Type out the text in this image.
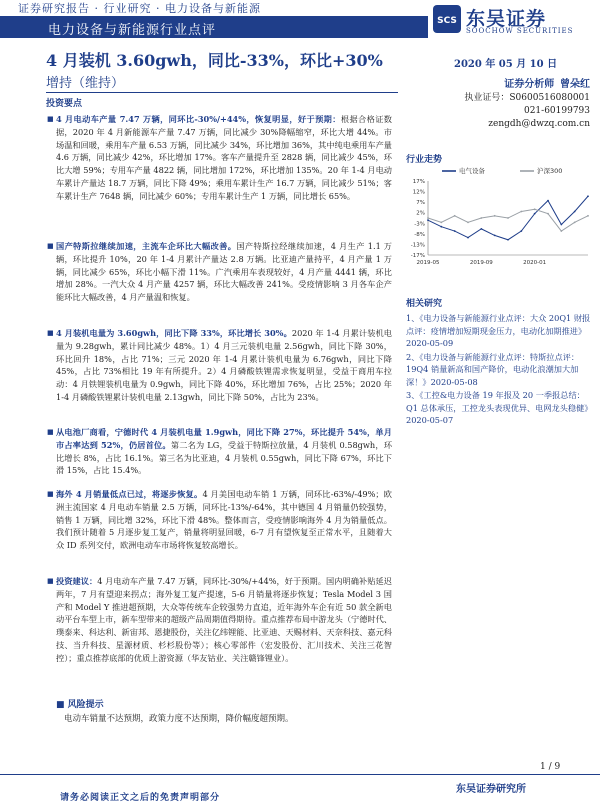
证券研究报告 · 行业研究 · 电力设备与新能源
电力设备与新能源行业点评
SCS 东吴证券
SOOCHOW SECURITIES
4 月装机 3.60gwh，同比-33%，环比+30%	2020 年 05 月 10 日
增持（维持）
投资要点
证券分析师 曾朵红
执业证号：S0600516080001
021-60199793
zengdh@dwzq.com.cn
■ 4 月电动车产量 7.47 万辆，同环比-30%/+44%，恢复明显，好于预期：根据合格证数据，2020 年 4 月新能源车产量 7.47 万辆，同比减少 30%降幅缩窄，环比大增 44%。市场温和回暖，乘用车产量 6.53 万辆，同比减少 34%，环比增加 36%，其中纯电乘用车产量 4.6 万辆，同比减少 42%，环比增加 17%。客车产量提升至 2828 辆，同比减少 45%，环比大增 59%；专用车产量 4822 辆，同比增加 172%，环比增加 135%。20 年 1-4 月电动车累计产量达 18.7 万辆，同比下降 49%；乘用车累计生产 16.7 万辆，同比减少 51%；客车累计生产 7648 辆，同比减少 60%；专用车累计生产 1 万辆，同比增长 65%。
■ 国产特斯拉继续加速，主流车企环比大幅改善。国产特斯拉经继续加速，4 月生产 1.1 万辆，环比提升 10%，20 年 1-4 月累计产量达 2.8 万辆。比亚迪产量持平，4 月产量 1 万辆，同比减少 65%，环比小幅下滑 11%。广汽乘用车表现较好，4 月产量 4441 辆，环比增加 28%。一汽大众 4 月产量 4257 辆，环比大幅改善 241%。受疫情影响 3 月各车企产能环比大幅改善，4 月产量温和恢复。
■ 4 月装机电量为 3.60gwh，同比下降 33%，环比增长 30%。2020 年 1-4 月累计装机电量为 9.28gwh，累计同比减少 48%。1）4 月三元装机电量 2.56gwh，同比下降 30%，环比回升 18%，占比 71%；三元 2020 年 1-4 月累计装机电量为 6.76gwh，同比下降 45%，占比 73%相比 19 年有所提升。2）4 月磷酸铁锂需求恢复明显，受益于商用车拉动：4 月铁锂装机电量为 0.9gwh，同比下降 40%，环比增加 76%，占比 25%；2020 年 1-4 月磷酸铁锂累计装机电量 2.13gwh，同比下降 50%，占比为 23%。
■ 从电池厂商看，宁德时代 4 月装机电量 1.9gwh，同比下降 27%，环比提升 54%，单月市占率达到 52%，仍居首位。第二名为 LG，受益于特斯拉放量，4 月装机 0.58gwh，环比增长 8%，占比 16.1%。第三名为比亚迪，4 月装机 0.55gwh，同比下降 67%，环比下滑 15%，占比 15.4%。
■ 海外 4 月销量低点已过，将逐步恢复。4 月美国电动车销 1 万辆，同环比-63%/-49%；欧洲主流国家 4 月电动车销量 2.5 万辆，同环比-13%/-64%，其中德国 4 月销量仍较强势，销售 1 万辆，同比增 32%，环比下滑 48%。整体而言，受疫情影响海外 4 月为销量低点。我们预计随着 5 月逐步复工复产，销量将明显回暖，6-7 月有望恢复至正常水平，且随着大众 ID 系列交付，欧洲电动车市场将恢复较高增长。
■ 投资建议：4 月电动车产量 7.47 万辆，同环比-30%/+44%，好于预期。国内明确补贴延迟两年，7 月有望迎来拐点；海外复工复产提速，5-6 月销量将逐步恢复；Tesla Model 3 国产和 Model Y 推进超预期，大众等传统车企较强势力直追，近年海外车企有近 50 款全新电动平台车型上市，新车型带来的超级产品周期值得期待。重点推荐布局中游龙头（宁德时代、璞泰来、科达利、新宙邦、恩捷股份，关注亿纬锂能、比亚迪、天赐材料、天奈科技、嘉元科技、当升科技、星源材质、杉杉股份等）；核心零部件（宏发股份、汇川技术、关注三花智控）；重点推荐底部的优质上游资源（华友钴业、关注赣锋锂业）。
■ 风险提示
电动车销量不达预期，政策力度不达预期，降价幅度超预期。
行业走势
17%
12%
7%
2%
-3%
-8%
-13%
-17%
2019-05	2019-09	2020-01
电气设备	沪深300
相关研究
1、《电力设备与新能源行业点评：大众 20Q1 财报点评：疫情增加短期现金压力，电动化加期推进》2020-05-09
2、《电力设备与新能源行业点评：特斯拉点评：19Q4 销量新高和国产降价，电动化浪潮加大加深！》2020-05-08
3、《工控&电力设备 19 年报及 20 一季报总结：Q1 总体承压，工控龙头表现优异、电网龙头稳健》2020-05-07
1 / 9
东吴证券研究所
请务必阅读正文之后的免责声明部分
